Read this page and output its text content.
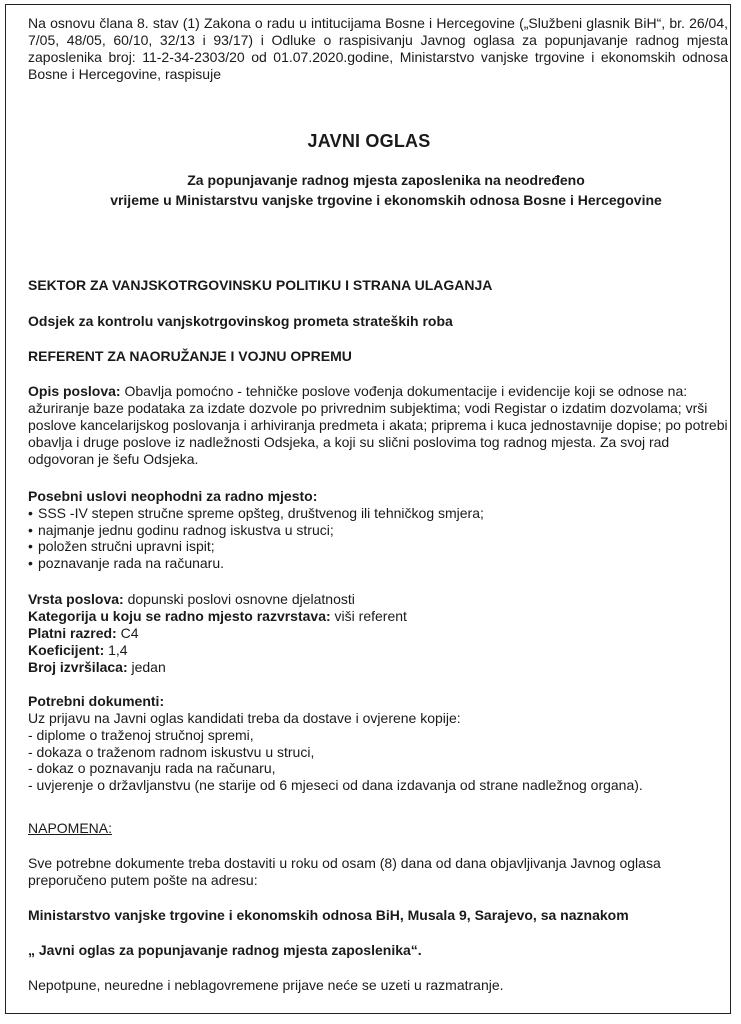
Na osnovu člana 8. stav (1) Zakona o radu u intitucijama Bosne i Hercegovine („Službeni glasnik BiH“, br. 26/04, 7/05, 48/05, 60/10, 32/13 i 93/17) i Odluke o raspisivanju Javnog oglasa za popunjavanje radnog mjesta zaposlenika broj: 11-2-34-2303/20 od 01.07.2020.godine, Ministarstvo vanjske trgovine i ekonomskih odnosa Bosne i Hercegovine, raspisuje

JAVNI OGLAS
Za popunjavanje radnog mjesta zaposlenika na neodređeno
vrijeme u Ministarstvu vanjske trgovine i ekonomskih odnosa Bosne i Hercegovine
SEKTOR ZA VANJSKOTRGOVINSKU POLITIKU I STRANA ULAGANJA
Odsjek za kontrolu vanjskotrgovinskog prometa strateških roba
REFERENT ZA NAORUŽANJE I VOJNU OPREMU

Opis poslova: Obavlja pomoćno - tehničke poslove vođenja dokumentacije i evidencije koji se odnose na: ažuriranje baze podataka za izdate dozvole po privrednim subjektima; vodi Registar o izdatim dozvolama; vrši poslove kancelarijskog poslovanja i arhiviranja predmeta i akata; priprema i kuca jednostavnije dopise; po potrebi obavlja i druge poslove iz nadležnosti Odsjeka, a koji su slični poslovima tog radnog mjesta. Za svoj rad odgovoran je šefu Odsjeka.

Posebni uslovi neophodni za radno mjesto:
• SSS -IV stepen stručne spreme opšteg, društvenog ili tehničkog smjera;
• najmanje jednu godinu radnog iskustva u struci;
• položen stručni upravni ispit;
• poznavanje rada na računaru.
Vrsta poslova: dopunski poslovi osnovne djelatnosti
Kategorija u koju se radno mjesto razvrstava: viši referent
Platni razred: C4
Koeficijent: 1,4
Broj izvršilaca: jedan
Potrebni dokumenti:
Uz prijavu na Javni oglas kandidati treba da dostave i ovjerene kopije:
- diplome o traženoj stručnoj spremi,
- dokaza o traženom radnom iskustvu u struci,
- dokaz o poznavanju rada na računaru,
- uvjerenje o državljanstvu (ne starije od 6 mjeseci od dana izdavanja od strane nadležnog organa).
NAPOMENA:

Sve potrebne dokumente treba dostaviti u roku od osam (8) dana od dana objavljivanja Javnog oglasa preporučeno putem pošte na adresu:

Ministarstvo vanjske trgovine i ekonomskih odnosa BiH, Musala 9, Sarajevo, sa naznakom
„ Javni oglas za popunjavanje radnog mjesta zaposlenika“.
Nepotpune, neuredne i neblagovremene prijave neće se uzeti u razmatranje.
